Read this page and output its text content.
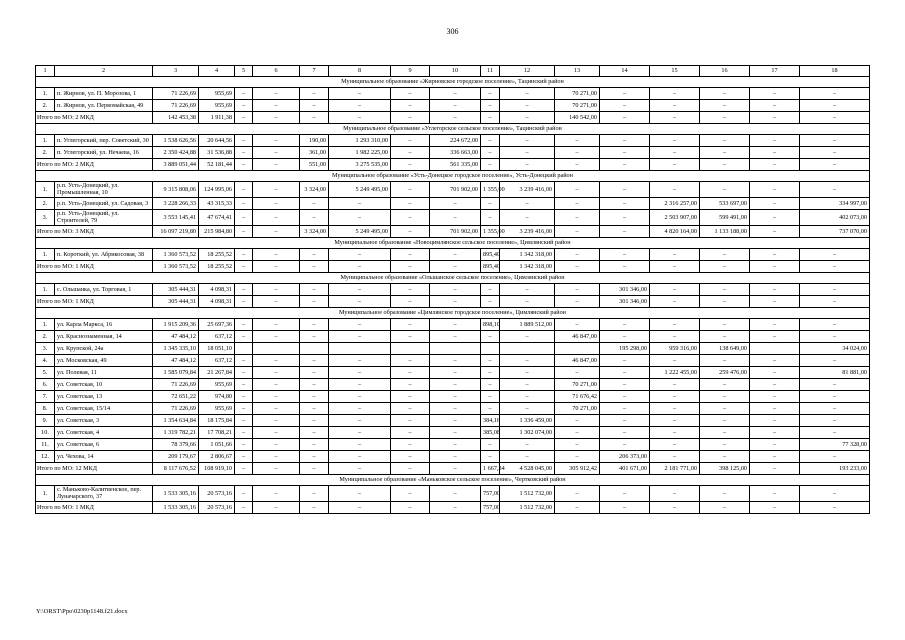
306
1	2	3	4	5	6	7	8	9	10	11	12	13	14	15	16	17	18
Муниципальное образование «Жирновское городское поселение», Тацинский район																	
1.	п. Жирнов, ул. П. Морозова, 1	71 226,69	955,69	–	–	–	–	–	–	–	–	70 271,00	–	–	–	–	–
2.	п. Жирнов, ул. Первомайская, 49	71 226,69	955,69	–	–	–	–	–	–	–	–	70 271,00	–	–	–	–	–
Итого по МО: 2 МКД		142 453,38	1 911,38	–	–	–	–	–	–	–	–	140 542,00	–	–	–	–	–
Муниципальное образование «Углегорское сельское поселение», Тацинский район																	
1.	п. Углегорский, пер. Советский, 30	1 538 626,56	20 644,56	–	–	190,00	1 293 310,00	–	224 672,00	–	–	–	–	–	–	–	–
2.	п. Углегорский, ул. Нечаева, 16	2 350 424,88	31 536,88	–	–	361,00	1 982 225,00	–	336 663,00	–	–	–	–	–	–	–	–
Итого по МО: 2 МКД		3 889 051,44	52 181,44	–	–	551,00	3 275 535,00	–	561 335,00	–	–	–	–	–	–	–	–
Муниципальное образование «Усть-Донецкое городское поселение», Усть-Донецкий район																	
1.	р.п. Усть-Донецкий, ул. Промышленная, 10	9 315 808,06	124 995,06	–	–	3 324,00	5 249 495,00	–	701 902,00	1 355,00	3 239 416,00	–	–	–	–	–	–
2.	р.п. Усть-Донецкий, ул. Садовая, 3	3 228 266,33	43 315,33	–	–	–	–	–	–	–	–	–	–	2 316 257,00	533 697,00	–	334 997,00
3.	р.п. Усть-Донецкий, ул. Строителей, 79	3 553 145,41	47 674,41	–	–	–	–	–	–	–	–	–	–	2 503 907,00	599 491,00	–	402 073,00
Итого по МО: 3 МКД		16 097 219,80	215 984,80	–	–	3 324,00	5 249 495,00	–	701 902,00	1 355,00	3 239 416,00	–	–	4 820 164,00	1 133 188,00	–	737 070,00
Муниципальное образование «Новоцимлянское сельское поселение», Цимлянский район																	
1.	п. Короткий, ул. Абрикосовая, 38	1 360 573,52	18 255,52	–	–	–	–	–	–	895,40	1 342 318,00	–	–	–	–	–	–
Итого по МО: 1 МКД		1 360 573,52	18 255,52	–	–	–	–	–	–	895,40	1 342 318,00	–	–	–	–	–	–
Муниципальное образование «Ольшанское сельское поселение», Цимлянский район																	
1.	с. Ольшанка, ул. Торговая, 1	305 444,31	4 098,31	–	–	–	–	–	–	–	–	–	301 346,00	–	–	–	–
Итого по МО: 1 МКД		305 444,31	4 098,31	–	–	–	–	–	–	–	–	–	301 346,00	–	–	–	–
Муниципальное образование «Цимлянское городское поселение», Цимлянский район																	
1.	ул. Карла Маркса, 16	1 915 209,36	25 697,36	–	–	–	–	–	–	898,10	1 889 512,00	–	–	–	–	–	–
2.	ул. Краснознаменная, 14	47 484,12	637,12	–	–	–	–	–	–	–	–	46 847,00	–	–	–	–	–
3.	ул. Крупской, 24а	1 345 335,10	18 051,10										195 298,00	959 316,00	138 649,00		34 024,00
4.	ул. Московская, 49	47 484,12	637,12	–	–	–	–	–	–	–	–	46 847,00	–	–	–	–	–
5.	ул. Полевая, 11	1 585 079,84	21 267,84	–	–	–	–	–	–	–	–	–	–	1 222 455,00	259 476,00	–	81 881,00
6.	ул. Советская, 10	71 226,69	955,69	–	–	–	–	–	–	–	–	70 271,00	–	–	–	–	–
7.	ул. Советская, 13	72 651,22	974,80	–	–	–	–	–	–	–	–	71 676,42	–	–	–	–	–
8.	ул. Советская, 15/14	71 226,69	955,69	–	–	–	–	–	–	–	–	70 271,00	–	–	–	–	–
9.	ул. Советская, 3	1 354 634,84	18 175,84	–	–	–	–	–	–	384,16	1 336 459,00	–	–	–	–	–	–
10.	ул. Советская, 4	1 319 782,21	17 708,21	–	–	–	–	–	–	385,08	1 302 074,00	–	–	–	–	–	–
11.	ул. Советская, 6	78 379,66	1 051,66	–	–	–	–	–	–	–	–	–	–	–	–	–	77 328,00
12.	ул. Чехова, 14	209 179,67	2 806,67	–	–	–	–	–	–	–	–	–	206 373,00	–	–	–	–
Итого по МО: 12 МКД		8 117 676,52	108 919,10	–	–	–	–	–	–	1 667,34	4 528 045,00	305 912,42	401 671,00	2 181 771,00	398 125,00	–	193 233,00
Муниципальное образование «Маньковское сельское поселение», Чертковский район																	
1.	с. Маньково-Калитвенское, пер. Луначарского, 37	1 533 305,16	20 573,16	–	–	–	–	–	–	757,00	1 512 732,00	–	–	–	–	–	–
Итого по МО: 1 МКД		1 533 305,16	20 573,16	–	–	–	–	–	–	757,00	1 512 732,00	–	–	–	–	–	–
Y:\ORST\Ppo\0230p1148.f21.docx
